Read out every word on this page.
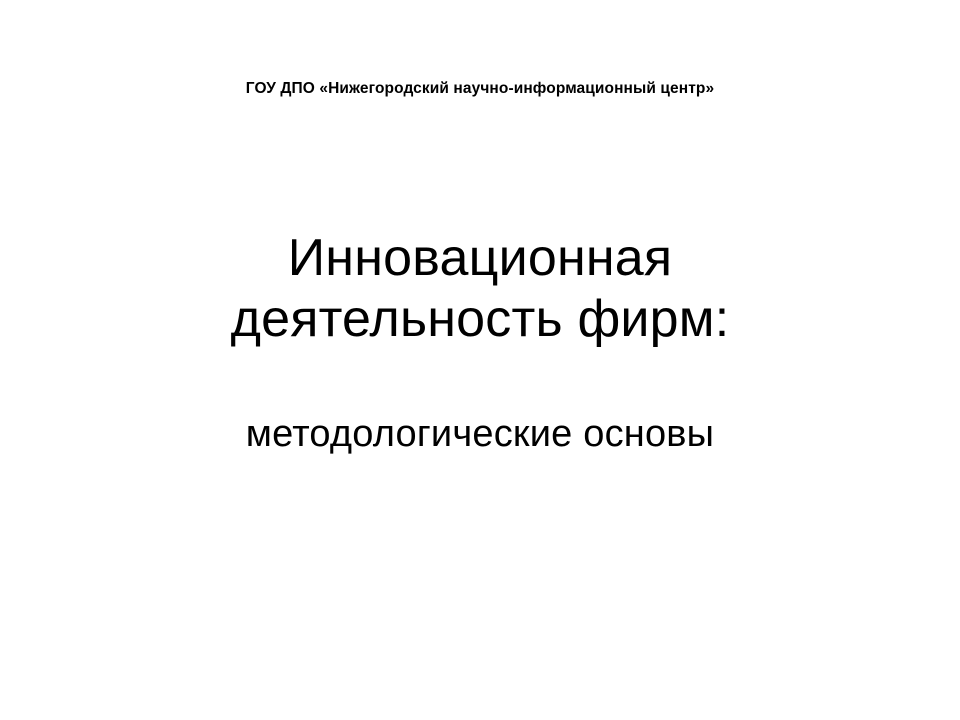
ГОУ ДПО «Нижегородский научно-информационный центр»
Инновационная
деятельность фирм:
методологические основы
